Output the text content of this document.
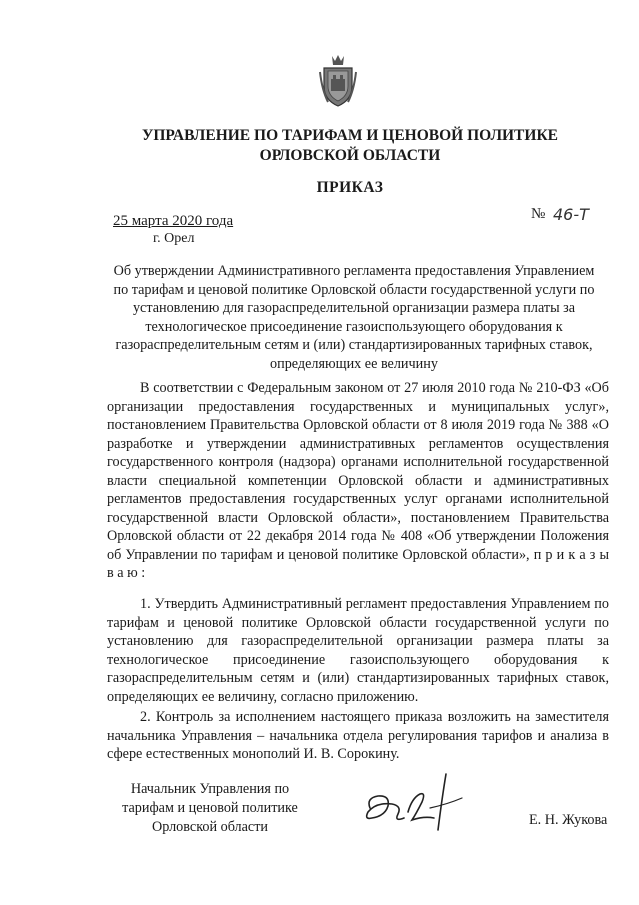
УПРАВЛЕНИЕ ПО ТАРИФАМ И ЦЕНОВОЙ ПОЛИТИКЕ
ОРЛОВСКОЙ ОБЛАСТИ
ПРИКАЗ
25 марта 2020 года
г. Орел
№ 46-Т
Об утверждении Административного регламента предоставления Управлением по тарифам и ценовой политике Орловской области государственной услуги по установлению для газораспределительной организации размера платы за технологическое присоединение газоиспользующего оборудования к газораспределительным сетям и (или) стандартизированных тарифных ставок, определяющих ее величину
В соответствии с Федеральным законом от 27 июля 2010 года № 210-ФЗ «Об организации предоставления государственных и муниципальных услуг», постановлением Правительства Орловской области от 8 июля 2019 года № 388 «О разработке и утверждении административных регламентов осуществления государственного контроля (надзора) органами исполнительной государственной власти специальной компетенции Орловской области и административных регламентов предоставления государственных услуг органами исполнительной государственной власти Орловской области», постановлением Правительства Орловской области от 22 декабря 2014 года № 408 «Об утверждении Положения об Управлении по тарифам и ценовой политике Орловской области», п р и к а з ы в а ю :
1. Утвердить Административный регламент предоставления Управлением по тарифам и ценовой политике Орловской области государственной услуги по установлению для газораспределительной организации размера платы за технологическое присоединение газоиспользующего оборудования к газораспределительным сетям и (или) стандартизированных тарифных ставок, определяющих ее величину, согласно приложению.
2. Контроль за исполнением настоящего приказа возложить на заместителя начальника Управления – начальника отдела регулирования тарифов и анализа в сфере естественных монополий И. В. Сорокину.
Начальник Управления по
тарифам и ценовой политике
Орловской области	Е. Н. Жукова
